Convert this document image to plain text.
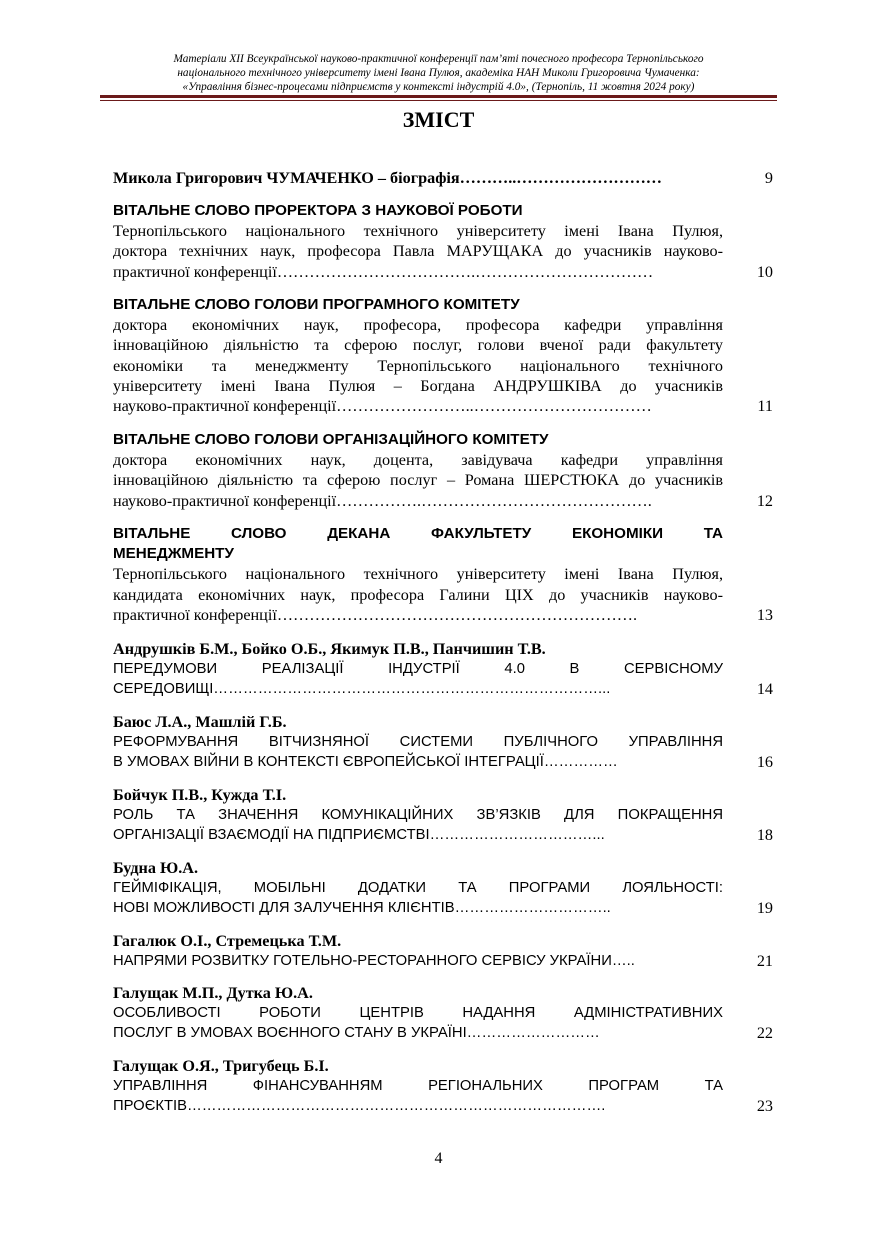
Матеріали XII Всеукраїнської науково-практичної конференції пам’яті почесного професора Тернопільського
національного технічного університету імені Івана Пулюя, академіка НАН Миколи Григоровича Чумаченка:
«Управління бізнес-процесами підприємств у контексті індустрій 4.0», (Тернопіль, 11 жовтня 2024 року)
ЗМІСТ
Микола Григорович ЧУМАЧЕНКО – біографія………..………………………	9
ВІТАЛЬНЕ СЛОВО ПРОРЕКТОРА З НАУКОВОЇ РОБОТИ
Тернопільського національного технічного університету імені Івана Пулюя,
доктора технічних наук, професора Павла МАРУЩАКА до учасників науково-
практичної конференції……………………………….……………………………	10
ВІТАЛЬНЕ СЛОВО ГОЛОВИ ПРОГРАМНОГО КОМІТЕТУ
доктора економічних наук, професора, професора кафедри управління
інноваційною діяльністю та сферою послуг, голови вченої ради факультету
економіки та менеджменту Тернопільського національного технічного
університету імені Івана Пулюя – Богдана АНДРУШКІВА до учасників
науково-практичної конференції……………………..……………………………	11
ВІТАЛЬНЕ СЛОВО ГОЛОВИ ОРГАНІЗАЦІЙНОГО КОМІТЕТУ
доктора економічних наук, доцента, завідувача кафедри управління
інноваційною діяльністю та сферою послуг – Романа ШЕРСТЮКА до учасників
науково-практичної конференції…………….…………………………………….	12
ВІТАЛЬНЕ СЛОВО ДЕКАНА ФАКУЛЬТЕТУ ЕКОНОМІКИ ТА
МЕНЕДЖМЕНТУ
Тернопільського національного технічного університету імені Івана Пулюя,
кандидата економічних наук, професора Галини ЦІХ до учасників науково-
практичної конференції………………………………………………………….	13
Андрушків Б.М., Бойко О.Б., Якимук П.В., Панчишин Т.В.
ПЕРЕДУМОВИ РЕАЛІЗАЦІЇ ІНДУСТРІЇ 4.0 В СЕРВІСНОМУ
СЕРЕДОВИЩІ……………………………………………………………………...	14
Баюс Л.А., Машлій Г.Б.
РЕФОРМУВАННЯ ВІТЧИЗНЯНОЇ СИСТЕМИ ПУБЛІЧНОГО УПРАВЛІННЯ
В УМОВАХ ВІЙНИ В КОНТЕКСТІ ЄВРОПЕЙСЬКОЇ ІНТЕГРАЦІЇ……………	16
Бойчук П.В., Кужда Т.І.
РОЛЬ ТА ЗНАЧЕННЯ КОМУНІКАЦІЙНИХ ЗВ’ЯЗКІВ ДЛЯ ПОКРАЩЕННЯ
ОРГАНІЗАЦІЇ ВЗАЄМОДІЇ НА ПІДПРИЄМСТВІ……………………………...	18
Будна Ю.А.
ГЕЙМІФІКАЦІЯ, МОБІЛЬНІ ДОДАТКИ ТА ПРОГРАМИ ЛОЯЛЬНОСТІ:
НОВІ МОЖЛИВОСТІ ДЛЯ ЗАЛУЧЕННЯ КЛІЄНТІВ…………………………..	19
Гагалюк О.І., Стремецька Т.М.
НАПРЯМИ РОЗВИТКУ ГОТЕЛЬНО-РЕСТОРАННОГО СЕРВІСУ УКРАЇНИ…..	21
Галущак М.П., Дутка Ю.А.
ОСОБЛИВОСТІ РОБОТИ ЦЕНТРІВ НАДАННЯ АДМІНІСТРАТИВНИХ
ПОСЛУГ В УМОВАХ ВОЄННОГО СТАНУ В УКРАЇНІ………………………	22
Галущак О.Я., Тригубець Б.І.
УПРАВЛІННЯ ФІНАНСУВАННЯМ РЕГІОНАЛЬНИХ ПРОГРАМ ТА
ПРОЄКТІВ………………………………………………………………………….	23
4
